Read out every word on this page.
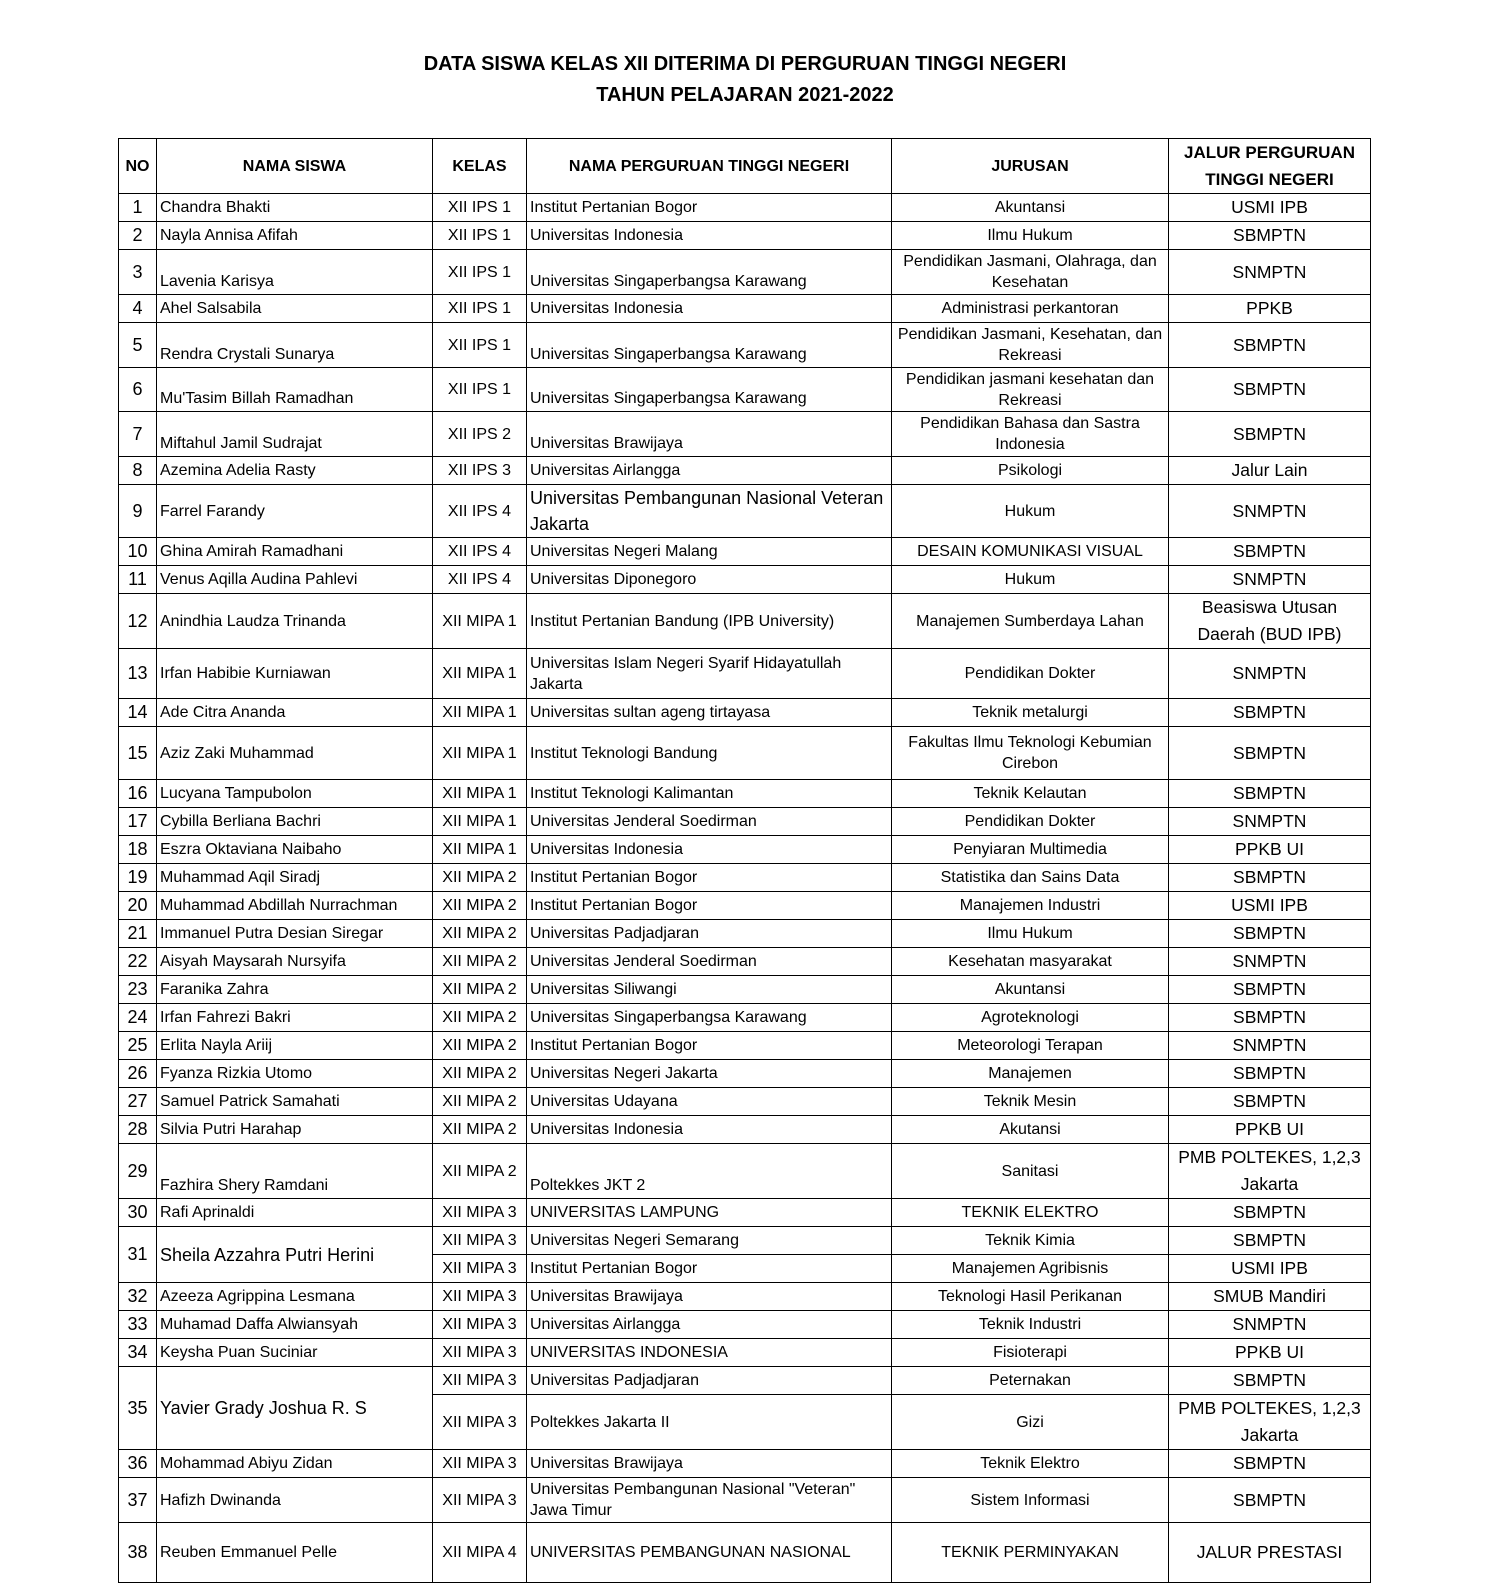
DATA SISWA KELAS XII DITERIMA DI PERGURUAN TINGGI NEGERI
TAHUN PELAJARAN 2021-2022
NO	NAMA SISWA	KELAS	NAMA PERGURUAN TINGGI NEGERI	JURUSAN	JALUR PERGURUAN TINGGI NEGERI
1	Chandra Bhakti	XII IPS 1	Institut Pertanian Bogor	Akuntansi	USMI IPB
2	Nayla Annisa Afifah	XII IPS 1	Universitas Indonesia	Ilmu Hukum	SBMPTN
3	Lavenia Karisya	XII IPS 1	Universitas Singaperbangsa Karawang	Pendidikan Jasmani, Olahraga, dan Kesehatan	SNMPTN
4	Ahel Salsabila	XII IPS 1	Universitas Indonesia	Administrasi perkantoran	PPKB
5	Rendra Crystali Sunarya	XII IPS 1	Universitas Singaperbangsa Karawang	Pendidikan Jasmani, Kesehatan, dan Rekreasi	SBMPTN
6	Mu'Tasim Billah Ramadhan	XII IPS 1	Universitas Singaperbangsa Karawang	Pendidikan jasmani kesehatan dan Rekreasi	SBMPTN
7	Miftahul Jamil Sudrajat	XII IPS 2	Universitas Brawijaya	Pendidikan Bahasa dan Sastra Indonesia	SBMPTN
8	Azemina Adelia Rasty	XII IPS 3	Universitas Airlangga	Psikologi	Jalur Lain
9	Farrel Farandy	XII IPS 4	Universitas Pembangunan Nasional Veteran Jakarta	Hukum	SNMPTN
10	Ghina Amirah Ramadhani	XII IPS 4	Universitas Negeri Malang	DESAIN KOMUNIKASI VISUAL	SBMPTN
11	Venus Aqilla Audina Pahlevi	XII IPS 4	Universitas Diponegoro	Hukum	SNMPTN
12	Anindhia Laudza Trinanda	XII MIPA 1	Institut Pertanian Bandung (IPB University)	Manajemen Sumberdaya Lahan	Beasiswa Utusan Daerah (BUD IPB)
13	Irfan Habibie Kurniawan	XII MIPA 1	Universitas Islam Negeri Syarif Hidayatullah Jakarta	Pendidikan Dokter	SNMPTN
14	Ade Citra Ananda	XII MIPA 1	Universitas sultan ageng tirtayasa	Teknik metalurgi	SBMPTN
15	Aziz Zaki Muhammad	XII MIPA 1	Institut Teknologi Bandung	Fakultas Ilmu Teknologi Kebumian Cirebon	SBMPTN
16	Lucyana Tampubolon	XII MIPA 1	Institut Teknologi Kalimantan	Teknik Kelautan	SBMPTN
17	Cybilla Berliana Bachri	XII MIPA 1	Universitas Jenderal Soedirman	Pendidikan Dokter	SNMPTN
18	Eszra Oktaviana Naibaho	XII MIPA 1	Universitas Indonesia	Penyiaran Multimedia	PPKB UI
19	Muhammad Aqil Siradj	XII MIPA 2	Institut Pertanian Bogor	Statistika dan Sains Data	SBMPTN
20	Muhammad Abdillah Nurrachman	XII MIPA 2	Institut Pertanian Bogor	Manajemen Industri	USMI IPB
21	Immanuel Putra Desian Siregar	XII MIPA 2	Universitas Padjadjaran	Ilmu Hukum	SBMPTN
22	Aisyah Maysarah Nursyifa	XII MIPA 2	Universitas Jenderal Soedirman	Kesehatan masyarakat	SNMPTN
23	Faranika Zahra	XII MIPA 2	Universitas Siliwangi	Akuntansi	SBMPTN
24	Irfan Fahrezi Bakri	XII MIPA 2	Universitas Singaperbangsa Karawang	Agroteknologi	SBMPTN
25	Erlita Nayla Ariij	XII MIPA 2	Institut Pertanian Bogor	Meteorologi Terapan	SNMPTN
26	Fyanza Rizkia Utomo	XII MIPA 2	Universitas Negeri Jakarta	Manajemen	SBMPTN
27	Samuel Patrick Samahati	XII MIPA 2	Universitas Udayana	Teknik Mesin	SBMPTN
28	Silvia Putri Harahap	XII MIPA 2	Universitas Indonesia	Akutansi	PPKB UI
29	Fazhira Shery Ramdani	XII MIPA 2	Poltekkes JKT 2	Sanitasi	PMB POLTEKES, 1,2,3 Jakarta
30	Rafi Aprinaldi	XII MIPA 3	UNIVERSITAS LAMPUNG	TEKNIK ELEKTRO	SBMPTN
31	Sheila Azzahra Putri Herini	XII MIPA 3	Universitas Negeri Semarang	Teknik Kimia	SBMPTN
		XII MIPA 3	Institut Pertanian Bogor	Manajemen Agribisnis	USMI IPB
32	Azeeza Agrippina Lesmana	XII MIPA 3	Universitas Brawijaya	Teknologi Hasil Perikanan	SMUB Mandiri
33	Muhamad Daffa Alwiansyah	XII MIPA 3	Universitas Airlangga	Teknik Industri	SNMPTN
34	Keysha Puan Suciniar	XII MIPA 3	UNIVERSITAS INDONESIA	Fisioterapi	PPKB UI
35	Yavier Grady Joshua R. S	XII MIPA 3	Universitas Padjadjaran	Peternakan	SBMPTN
		XII MIPA 3	Poltekkes Jakarta II	Gizi	PMB POLTEKES, 1,2,3 Jakarta
36	Mohammad Abiyu Zidan	XII MIPA 3	Universitas Brawijaya	Teknik Elektro	SBMPTN
37	Hafizh Dwinanda	XII MIPA 3	Universitas Pembangunan Nasional "Veteran" Jawa Timur	Sistem Informasi	SBMPTN
38	Reuben Emmanuel Pelle	XII MIPA 4	UNIVERSITAS PEMBANGUNAN NASIONAL	TEKNIK PERMINYAKAN	JALUR PRESTASI
